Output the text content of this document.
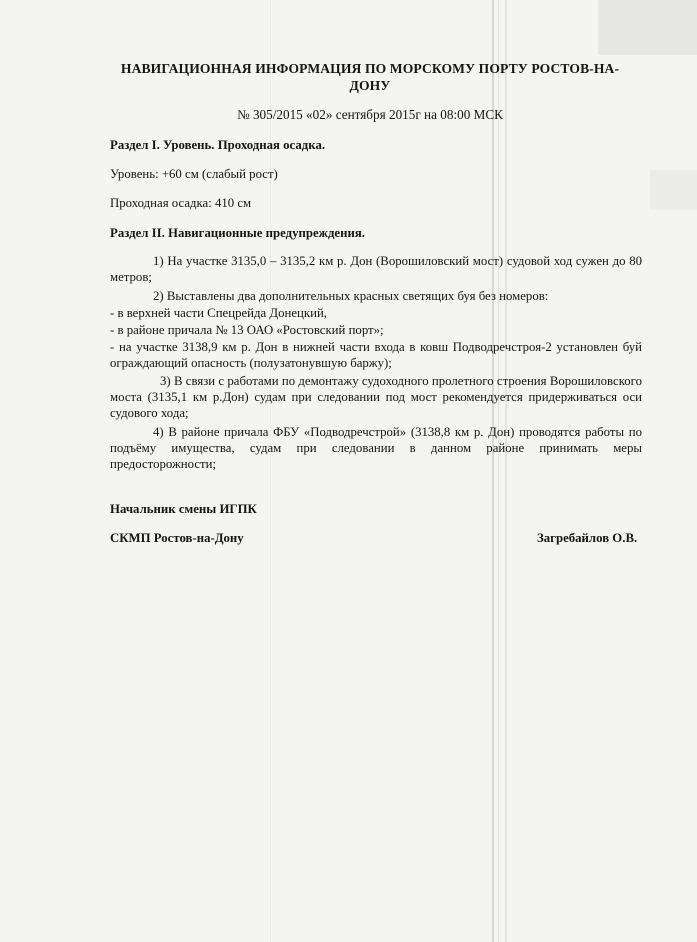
НАВИГАЦИОННАЯ ИНФОРМАЦИЯ ПО МОРСКОМУ ПОРТУ РОСТОВ-НА-ДОНУ
№ 305/2015 «02» сентября 2015г на 08:00 МСК
Раздел I. Уровень. Проходная осадка.
Уровень: +60 см (слабый рост)
Проходная осадка: 410 см
Раздел II. Навигационные предупреждения.
1) На участке 3135,0 – 3135,2 км р. Дон (Ворошиловский мост) судовой ход сужен до 80 метров;
2) Выставлены два дополнительных красных светящих буя без номеров:
- в верхней части Спецрейда Донецкий,
- в районе причала № 13 ОАО «Ростовский порт»;
- на участке 3138,9 км р. Дон в нижней части входа в ковш Подводречстроя-2 установлен буй ограждающий опасность (полузатонувшую баржу);
3) В связи с работами по демонтажу судоходного пролетного строения Ворошиловского моста (3135,1 км р.Дон) судам при следовании под мост рекомендуется придерживаться оси судового хода;
4) В районе причала ФБУ «Подводречстрой» (3138,8 км р. Дон) проводятся работы по подъёму имущества, судам при следовании в данном районе принимать меры предосторожности;
Начальник смены ИГПК
СКМП Ростов-на-Дону	Загребайлов О.В.
